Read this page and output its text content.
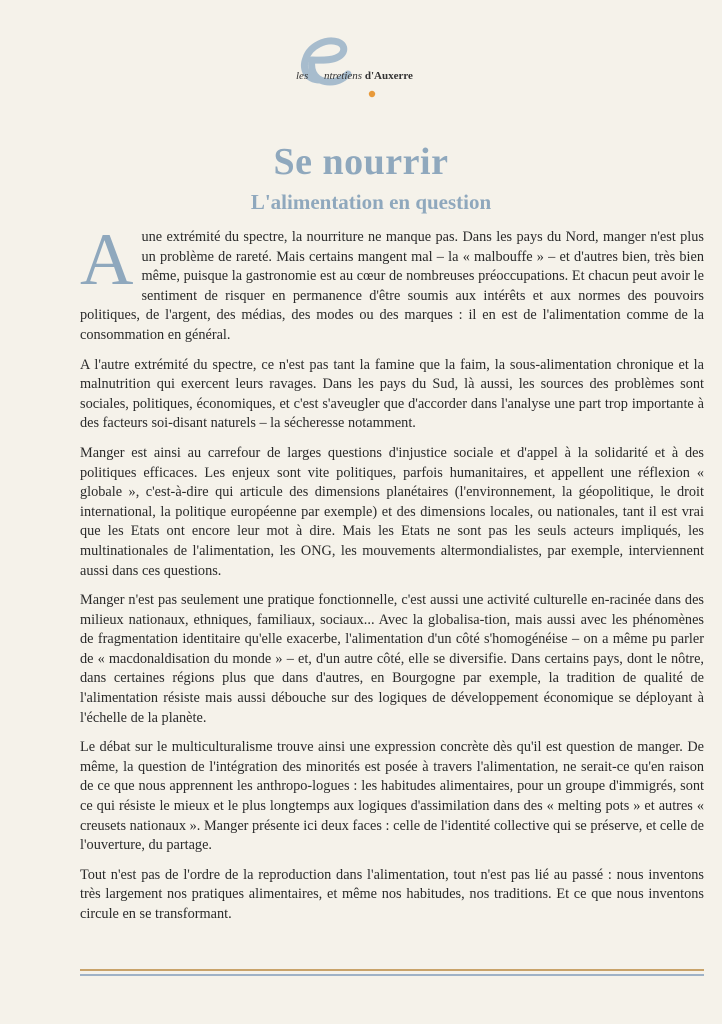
les ntretiens d'Auxerre
Se nourrir
L'alimentation en question

A une extrémité du spectre, la nourriture ne manque pas. Dans les pays du Nord, manger n'est plus un problème de rareté. Mais certains mangent mal – la « malbouffe » – et d'autres bien, très bien même, puisque la gastronomie est au cœur de nombreuses préoccupations. Et chacun peut avoir le sentiment de risquer en permanence d'être soumis aux intérêts et aux normes des pouvoirs politiques, de l'argent, des médias, des modes ou des marques : il en est de l'alimentation comme de la consommation en général.

A l'autre extrémité du spectre, ce n'est pas tant la famine que la faim, la sous-alimentation chronique et la malnutrition qui exercent leurs ravages. Dans les pays du Sud, là aussi, les sources des problèmes sont sociales, politiques, économiques, et c'est s'aveugler que d'accorder dans l'analyse une part trop importante à des facteurs soi-disant naturels – la sécheresse notamment.

Manger est ainsi au carrefour de larges questions d'injustice sociale et d'appel à la solidarité et à des politiques efficaces. Les enjeux sont vite politiques, parfois humanitaires, et appellent une réflexion « globale », c'est-à-dire qui articule des dimensions planétaires (l'environnement, la géopolitique, le droit international, la politique européenne par exemple) et des dimensions locales, ou nationales, tant il est vrai que les Etats ont encore leur mot à dire. Mais les Etats ne sont pas les seuls acteurs impliqués, les multinationales de l'alimentation, les ONG, les mouvements altermondialistes, par exemple, interviennent aussi dans ces questions.

Manger n'est pas seulement une pratique fonctionnelle, c'est aussi une activité culturelle en-racinée dans des milieux nationaux, ethniques, familiaux, sociaux... Avec la globalisa-tion, mais aussi avec les phénomènes de fragmentation identitaire qu'elle exacerbe, l'alimentation d'un côté s'homogénéise – on a même pu parler de « macdonaldisation du monde » – et, d'un autre côté, elle se diversifie. Dans certains pays, dont le nôtre, dans certaines régions plus que dans d'autres, en Bourgogne par exemple, la tradition de qualité de l'alimentation résiste mais aussi débouche sur des logiques de développement économique se déployant à l'échelle de la planète.

Le débat sur le multiculturalisme trouve ainsi une expression concrète dès qu'il est question de manger. De même, la question de l'intégration des minorités est posée à travers l'alimentation, ne serait-ce qu'en raison de ce que nous apprennent les anthropo-logues : les habitudes alimentaires, pour un groupe d'immigrés, sont ce qui résiste le mieux et le plus longtemps aux logiques d'assimilation dans des « melting pots » et autres « creusets nationaux ». Manger présente ici deux faces : celle de l'identité collective qui se préserve, et celle de l'ouverture, du partage.

Tout n'est pas de l'ordre de la reproduction dans l'alimentation, tout n'est pas lié au passé : nous inventons très largement nos pratiques alimentaires, et même nos habitudes, nos traditions. Et ce que nous inventons circule en se transformant.
